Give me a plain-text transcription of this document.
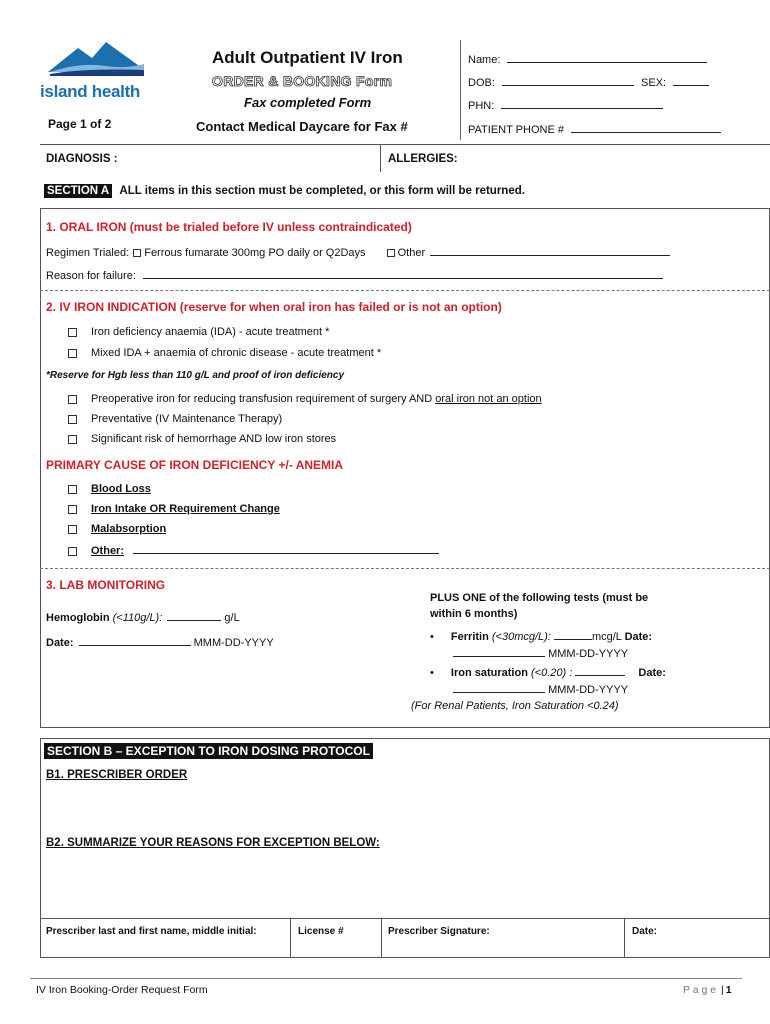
island health
Page 1 of 2
Adult Outpatient IV Iron
ORDER & BOOKING Form
Fax completed Form
Contact Medical Daycare for Fax #
Name:
DOB:	SEX:
PHN:
PATIENT PHONE #
DIAGNOSIS :	ALLERGIES:
SECTION A ALL items in this section must be completed, or this form will be returned.
1. ORAL IRON (must be trialed before IV unless contraindicated)
Regimen Trialed: Ferrous fumarate 300mg PO daily or Q2Days	Other
Reason for failure:
2. IV IRON INDICATION (reserve for when oral iron has failed or is not an option)
Iron deficiency anaemia (IDA) - acute treatment *
Mixed IDA + anaemia of chronic disease - acute treatment *
*Reserve for Hgb less than 110 g/L and proof of iron deficiency
Preoperative iron for reducing transfusion requirement of surgery AND oral iron not an option
Preventative (IV Maintenance Therapy)
Significant risk of hemorrhage AND low iron stores
PRIMARY CAUSE OF IRON DEFICIENCY +/- ANEMIA
Blood Loss
Iron Intake OR Requirement Change
Malabsorption
Other:
3. LAB MONITORING
Hemoglobin (<110g/L):	g/L
Date:	MMM-DD-YYYY
PLUS ONE of the following tests (must be
within 6 months)
• Ferritin (<30mcg/L):	mcg/L Date:
MMM-DD-YYYY
• Iron saturation (<0.20) :	Date:
MMM-DD-YYYY
(For Renal Patients, Iron Saturation <0.24)
SECTION B – EXCEPTION TO IRON DOSING PROTOCOL
B1. PRESCRIBER ORDER
B2. SUMMARIZE YOUR REASONS FOR EXCEPTION BELOW:
Prescriber last and first name, middle initial:	License #	Prescriber Signature:	Date:
IV Iron Booking-Order Request Form	P a g e | 1
